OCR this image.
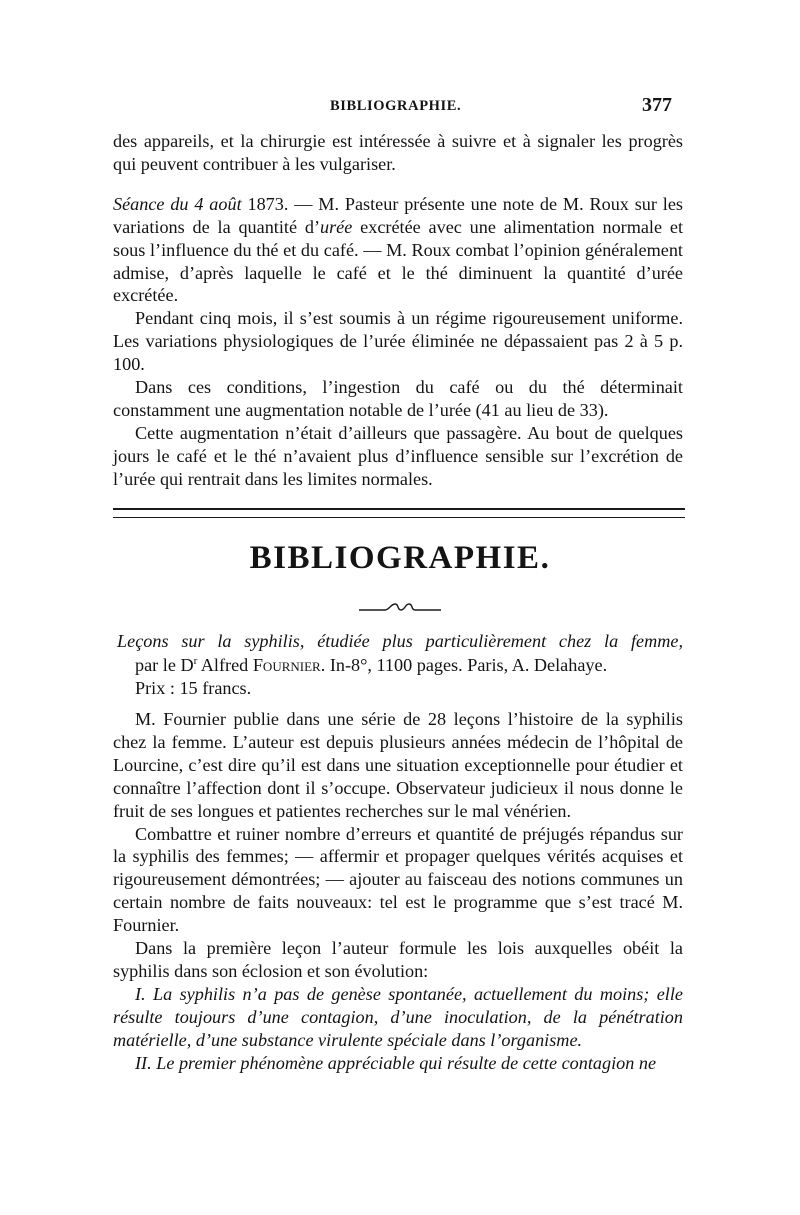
BIBLIOGRAPHIE.	377

des appareils, et la chirurgie est intéressée à suivre et à signaler les progrès qui peuvent contribuer à les vulgariser.

Séance du 4 août 1873. — M. Pasteur présente une note de M. Roux sur les variations de la quantité d’urée excrétée avec une alimentation normale et sous l’influence du thé et du café. — M. Roux combat l’opinion généralement admise, d’après laquelle le café et le thé diminuent la quantité d’urée excrétée.

Pendant cinq mois, il s’est soumis à un régime rigoureusement uniforme. Les variations physiologiques de l’urée éliminée ne dépassaient pas 2 à 5 p. 100.

Dans ces conditions, l’ingestion du café ou du thé déterminait constamment une augmentation notable de l’urée (41 au lieu de 33).

Cette augmentation n’était d’ailleurs que passagère. Au bout de quelques jours le café et le thé n’avaient plus d’influence sensible sur l’excrétion de l’urée qui rentrait dans les limites normales.

BIBLIOGRAPHIE.
Leçons sur la syphilis, étudiée plus particulièrement chez la femme,
par le $D^r$ Alfred Fournier. In-8°, 1100 pages. Paris, A. Delahaye.
Prix : 15 francs.

M. Fournier publie dans une série de 28 leçons l’histoire de la syphilis chez la femme. L’auteur est depuis plusieurs années médecin de l’hôpital de Lourcine, c’est dire qu’il est dans une situation exceptionnelle pour étudier et connaître l’affection dont il s’occupe. Observateur judicieux il nous donne le fruit de ses longues et patientes recherches sur le mal vénérien.

Combattre et ruiner nombre d’erreurs et quantité de préjugés répandus sur la syphilis des femmes; — affermir et propager quelques vérités acquises et rigoureusement démontrées; — ajouter au faisceau des notions communes un certain nombre de faits nouveaux: tel est le programme que s’est tracé M. Fournier.

Dans la première leçon l’auteur formule les lois auxquelles obéit la syphilis dans son éclosion et son évolution:

I. La syphilis n’a pas de genèse spontanée, actuellement du moins; elle résulte toujours d’une contagion, d’une inoculation, de la pénétration matérielle, d’une substance virulente spéciale dans l’organisme.

II. Le premier phénomène appréciable qui résulte de cette contagion ne
